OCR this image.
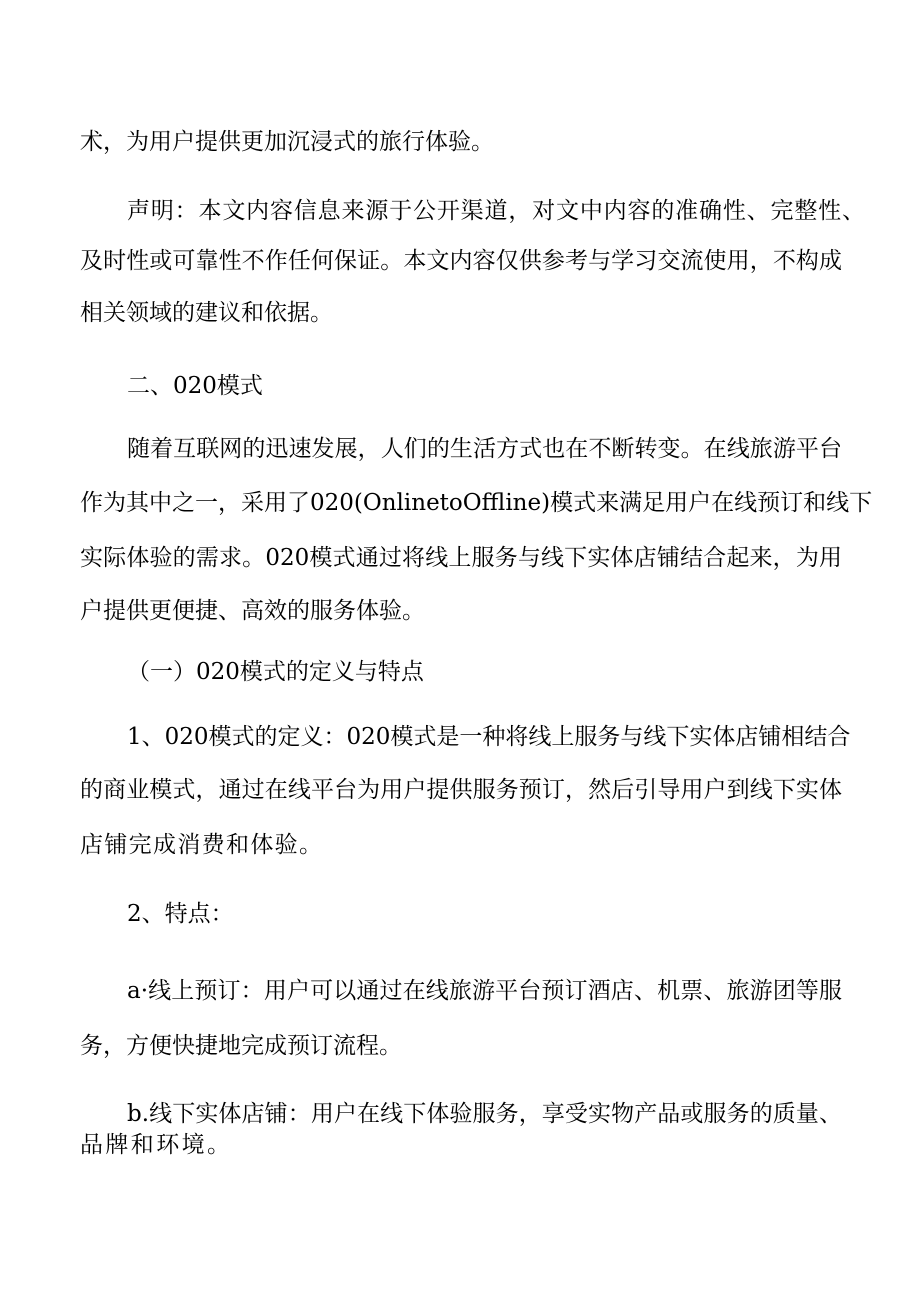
术，为用户提供更加沉浸式的旅行体验。

声明：本文内容信息来源于公开渠道，对文中内容的准确性、完整性、

及时性或可靠性不作任何保证。本文内容仅供参考与学习交流使用，不构成

相关领域的建议和依据。

二、020模式

随着互联网的迅速发展，人们的生活方式也在不断转变。在线旅游平台

作为其中之一，采用了020(OnlinetoOffline)模式来满足用户在线预订和线下

实际体验的需求。020模式通过将线上服务与线下实体店铺结合起来，为用

户提供更便捷、高效的服务体验。

（一）020模式的定义与特点

1、020模式的定义：020模式是一种将线上服务与线下实体店铺相结合

的商业模式，通过在线平台为用户提供服务预订，然后引导用户到线下实体

店铺完成消费和体验。

2、特点：

a·线上预订：用户可以通过在线旅游平台预订酒店、机票、旅游团等服

务，方便快捷地完成预订流程。

b.线下实体店铺：用户在线下体验服务，享受实物产品或服务的质量、

品牌和环境。
